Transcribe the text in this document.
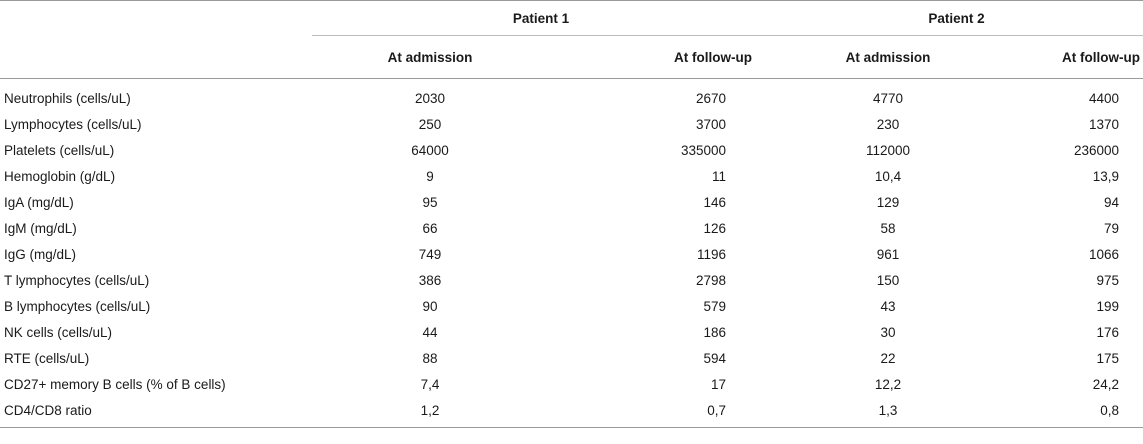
	Patient 1		Patient 2	

	At admission	At follow-up	At admission	At follow-up

Neutrophils (cells/uL)	2030	2670	4770	4400
Lymphocytes (cells/uL)	250	3700	230	1370
Platelets (cells/uL)	64000	335000	112000	236000
Hemoglobin (g/dL)	9	11	10,4	13,9
IgA (mg/dL)	95	146	129	94
IgM (mg/dL)	66	126	58	79
IgG (mg/dL)	749	1196	961	1066
T lymphocytes (cells/uL)	386	2798	150	975
B lymphocytes (cells/uL)	90	579	43	199
NK cells (cells/uL)	44	186	30	176
RTE (cells/uL)	88	594	22	175
CD27+ memory B cells (% of B cells)	7,4	17	12,2	24,2
CD4/CD8 ratio	1,2	0,7	1,3	0,8
